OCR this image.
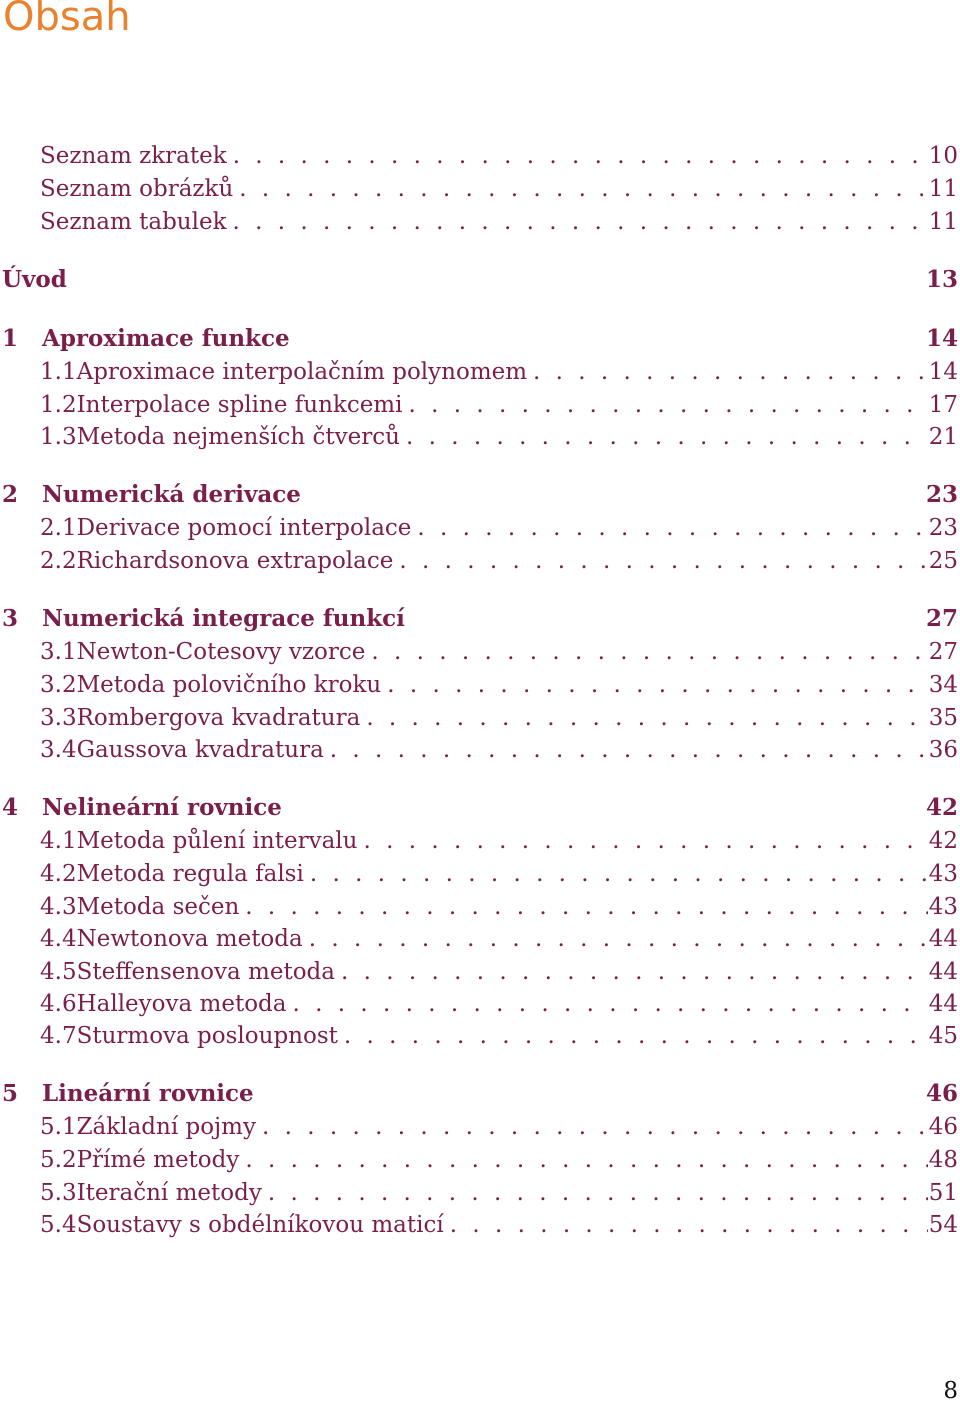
Obsah
Seznam zkratek . . .	10
Seznam obrázků . . .	11
Seznam tabulek . . .	11
Úvod	13
1	Aproximace funkce	14
1.1 Aproximace interpolačním polynomem . . .	14
1.2 Interpolace spline funkcemi . . .	17
1.3 Metoda nejmenších čtverců . . .	21
2	Numerická derivace	23
2.1 Derivace pomocí interpolace . . .	23
2.2 Richardsonova extrapolace . . .	25
3	Numerická integrace funkcí	27
3.1 Newton-Cotesovy vzorce . . .	27
3.2 Metoda polovičního kroku . . .	34
3.3 Rombergova kvadratura . . .	35
3.4 Gaussova kvadratura . . .	36
4	Nelineární rovnice	42
4.1 Metoda půlení intervalu . . .	42
4.2 Metoda regula falsi . . .	43
4.3 Metoda sečen . . .	43
4.4 Newtonova metoda . . .	44
4.5 Steffensenova metoda . . .	44
4.6 Halleyova metoda . . .	44
4.7 Sturmova posloupnost . . .	45
5	Lineární rovnice	46
5.1 Základní pojmy . . .	46
5.2 Přímé metody . . .	48
5.3 Iterační metody . . .	51
5.4 Soustavy s obdélníkovou maticí . . .	54
8
